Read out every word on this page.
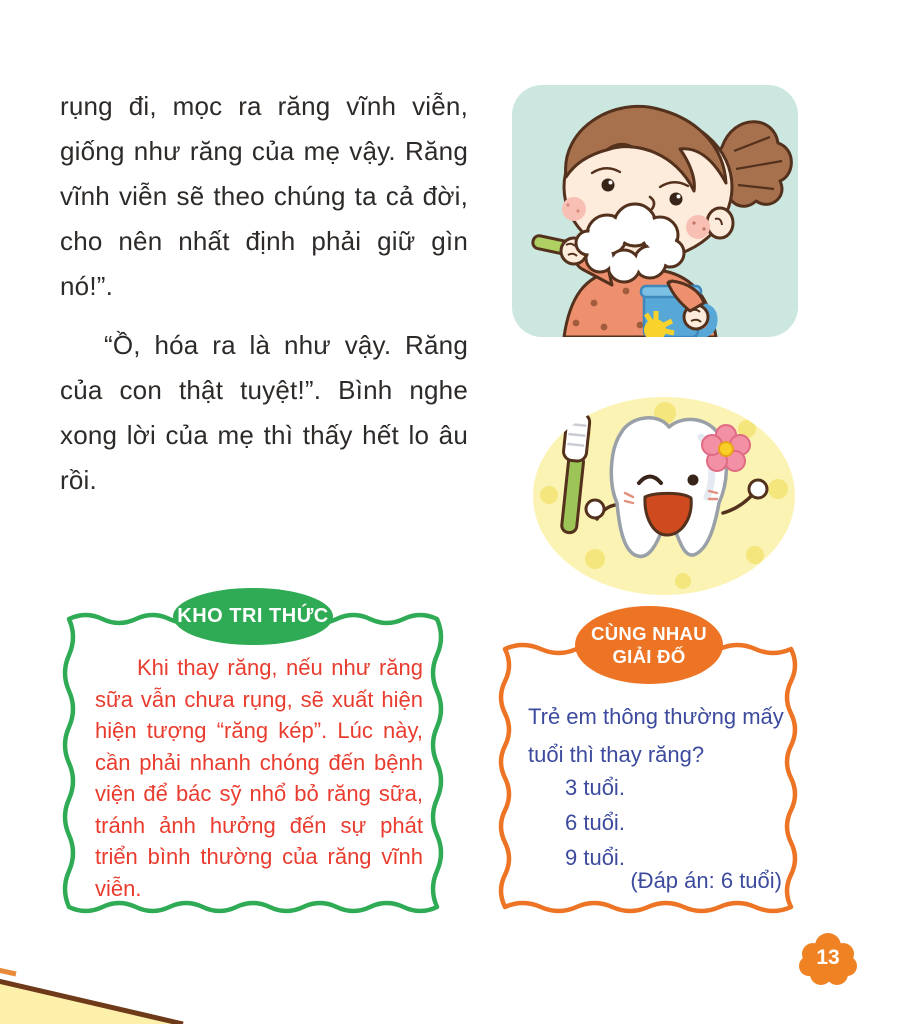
rụng đi, mọc ra răng vĩnh viễn, giống như răng của mẹ vậy. Răng vĩnh viễn sẽ theo chúng ta cả đời, cho nên nhất định phải giữ gìn nó!”.

“Ồ, hóa ra là như vậy. Răng của con thật tuyệt!”. Bình nghe xong lời của mẹ thì thấy hết lo âu rồi.

KHO TRI THỨC
Khi thay răng, nếu như răng sữa vẫn chưa rụng, sẽ xuất hiện hiện tượng “răng kép”. Lúc này, cần phải nhanh chóng đến bệnh viện để bác sỹ nhổ bỏ răng sữa, tránh ảnh hưởng đến sự phát triển bình thường của răng vĩnh viễn.
CÙNG NHAU
GIẢI ĐỐ
Trẻ em thông thường mấy tuổi thì thay răng?
3 tuổi.
6 tuổi.
9 tuổi.
(Đáp án: 6 tuổi)
13
